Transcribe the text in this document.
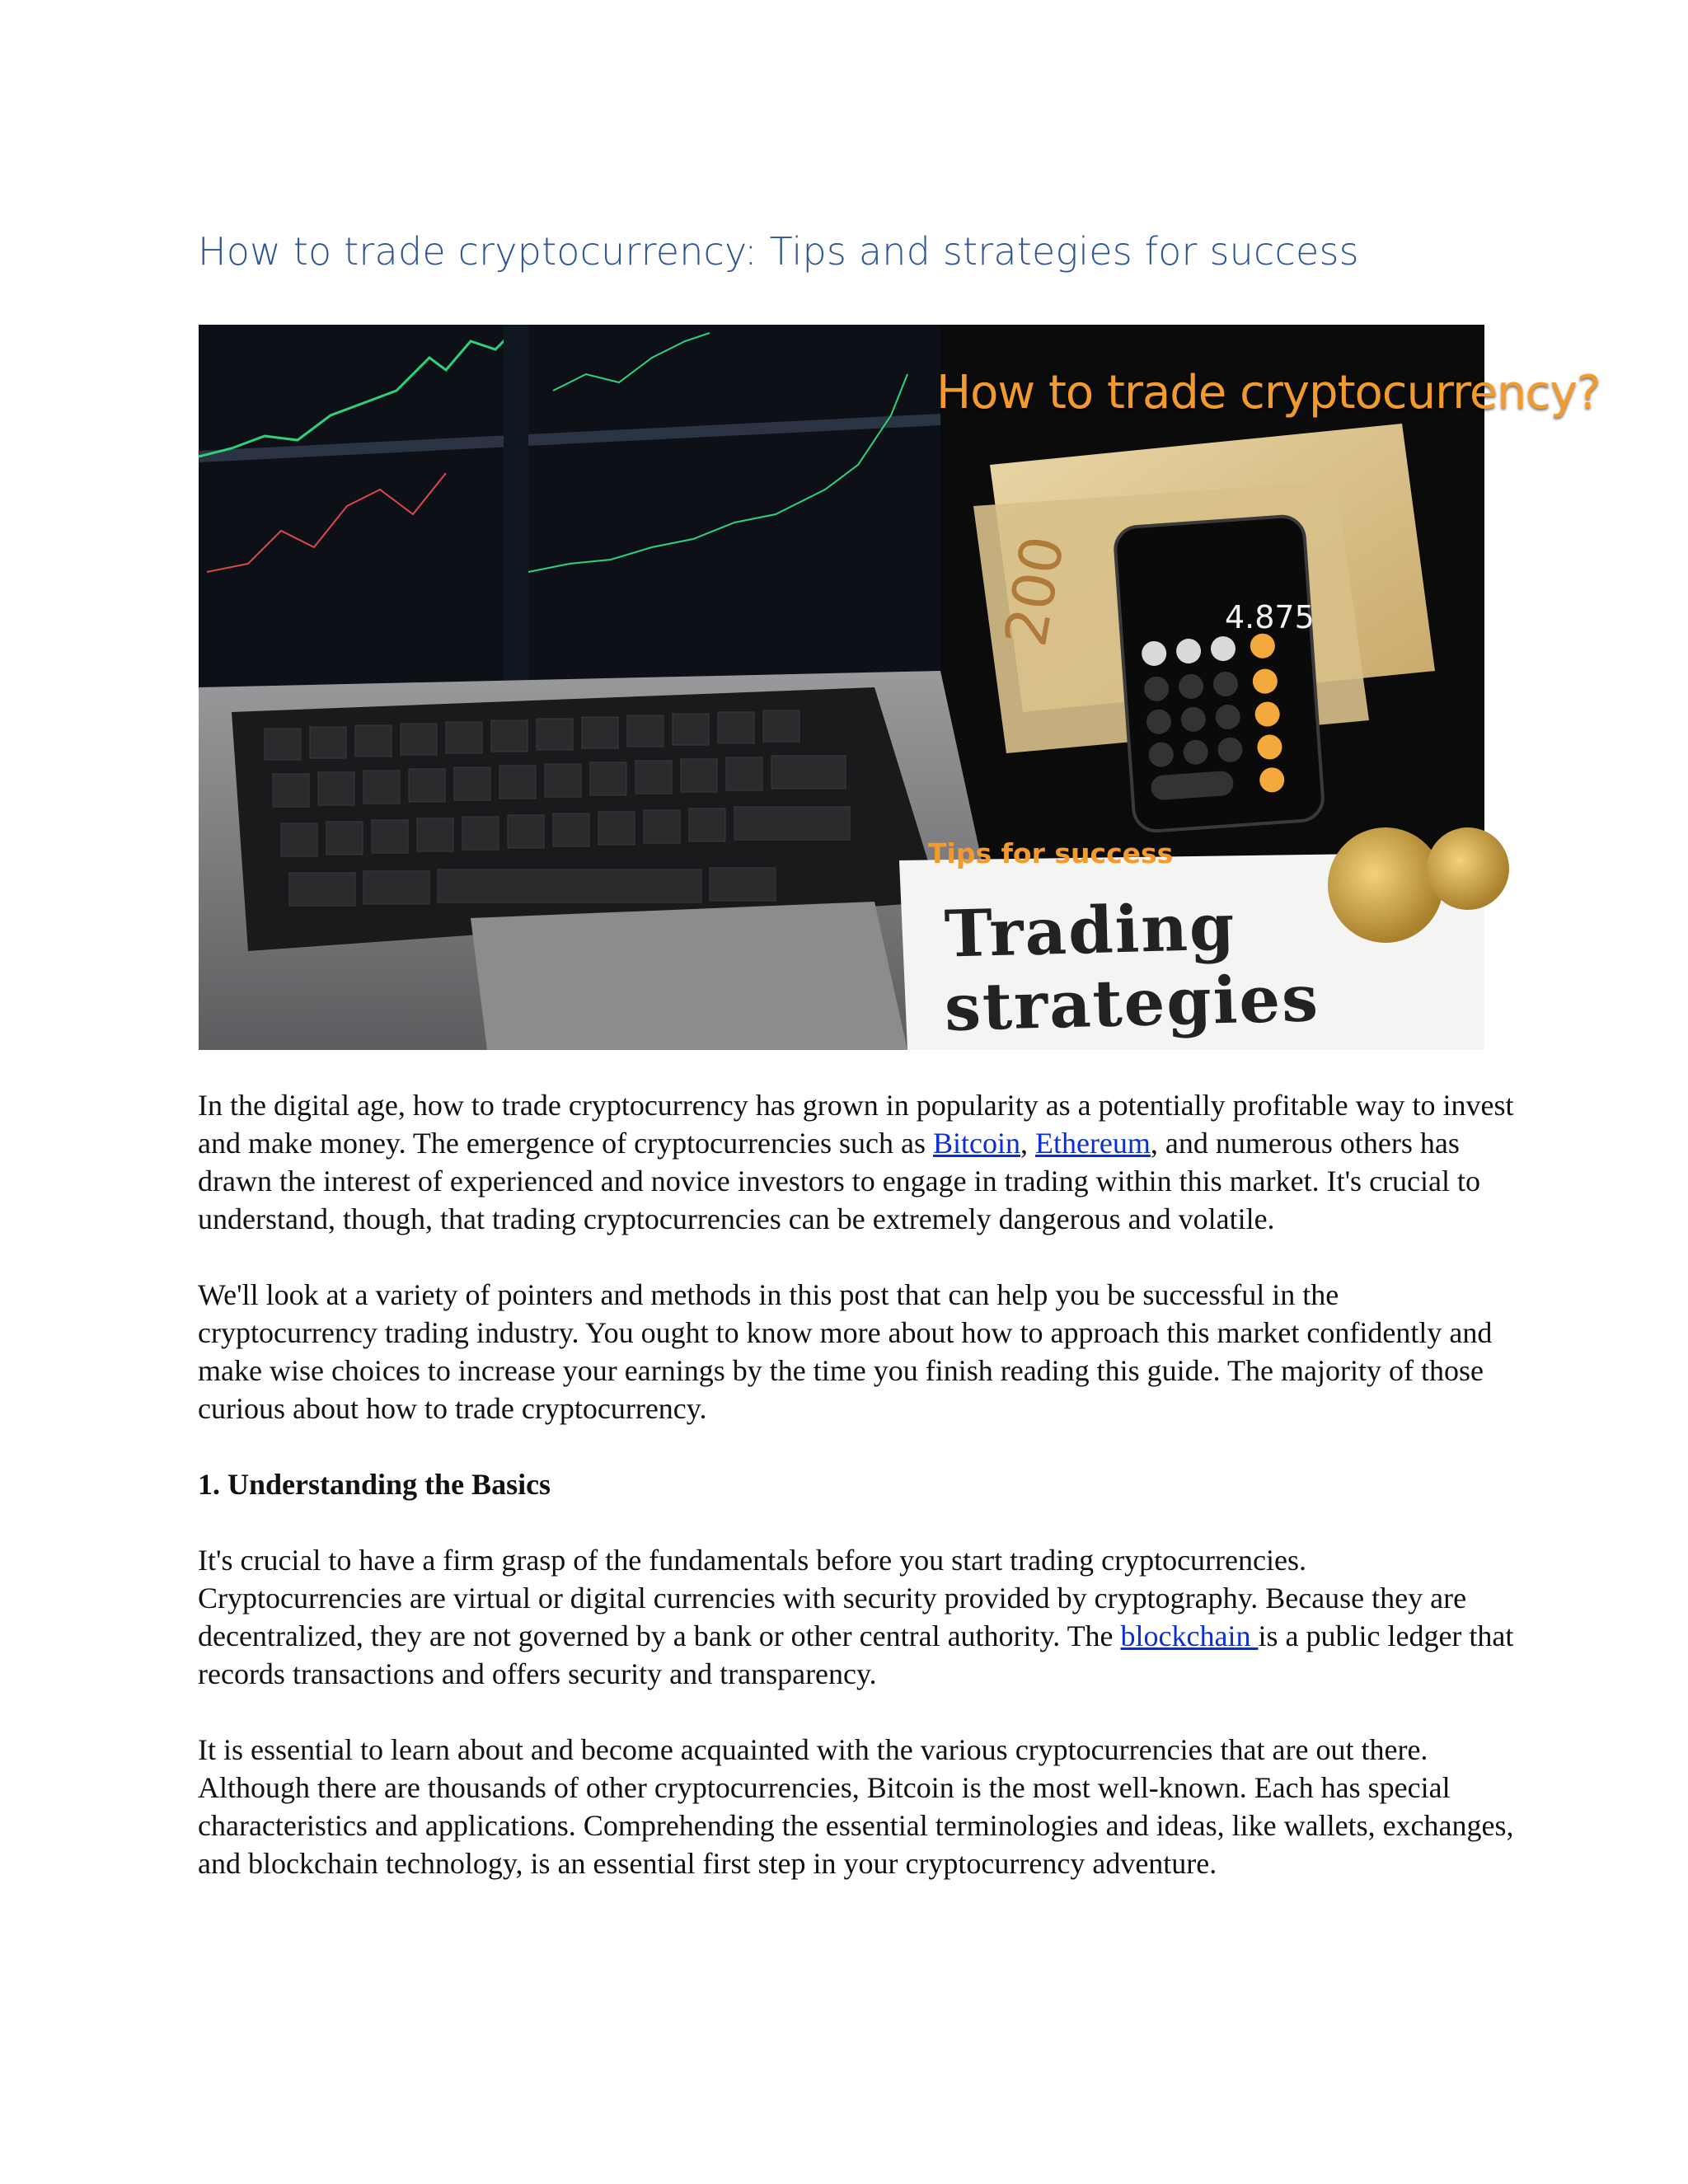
How to trade cryptocurrency: Tips and strategies for success
200
How to trade cryptocurrency?
4.875
Tips for success
Trading
strategies

In the digital age, how to trade cryptocurrency has grown in popularity as a potentially profitable way to invest and make money. The emergence of cryptocurrencies such as Bitcoin, Ethereum, and numerous others has drawn the interest of experienced and novice investors to engage in trading within this market. It's crucial to understand, though, that trading cryptocurrencies can be extremely dangerous and volatile.

We'll look at a variety of pointers and methods in this post that can help you be successful in the cryptocurrency trading industry. You ought to know more about how to approach this market confidently and make wise choices to increase your earnings by the time you finish reading this guide. The majority of those curious about how to trade cryptocurrency.

1. Understanding the Basics

It's crucial to have a firm grasp of the fundamentals before you start trading cryptocurrencies. Cryptocurrencies are virtual or digital currencies with security provided by cryptography. Because they are decentralized, they are not governed by a bank or other central authority. The blockchain is a public ledger that records transactions and offers security and transparency.

It is essential to learn about and become acquainted with the various cryptocurrencies that are out there. Although there are thousands of other cryptocurrencies, Bitcoin is the most well-known. Each has special characteristics and applications. Comprehending the essential terminologies and ideas, like wallets, exchanges, and blockchain technology, is an essential first step in your cryptocurrency adventure.
